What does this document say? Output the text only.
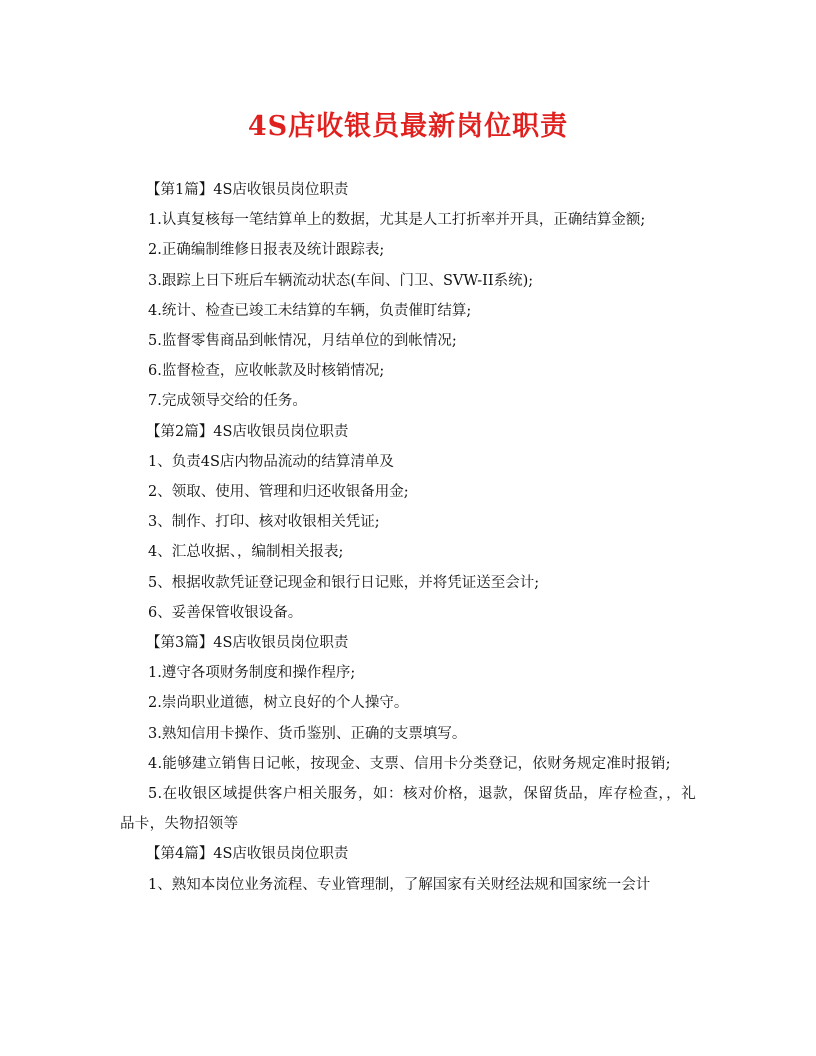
4S店收银员最新岗位职责

【第1篇】4S店收银员岗位职责

1.认真复核每一笔结算单上的数据，尤其是人工打折率并开具，正确结算金额;

2.正确编制维修日报表及统计跟踪表;

3.跟踪上日下班后车辆流动状态(车间、门卫、SVW-II系统);

4.统计、检查已竣工未结算的车辆，负责催盯结算;

5.监督零售商品到帐情况，月结单位的到帐情况;

6.监督检查，应收帐款及时核销情况;

7.完成领导交给的任务。

【第2篇】4S店收银员岗位职责

1、负责4S店内物品流动的结算清单及

2、领取、使用、管理和归还收银备用金;

3、制作、打印、核对收银相关凭证;

4、汇总收据、，编制相关报表;

5、根据收款凭证登记现金和银行日记账，并将凭证送至会计;

6、妥善保管收银设备。

【第3篇】4S店收银员岗位职责

1.遵守各项财务制度和操作程序;

2.崇尚职业道德，树立良好的个人操守。

3.熟知信用卡操作、货币鉴别、正确的支票填写。

4.能够建立销售日记帐，按现金、支票、信用卡分类登记，依财务规定准时报销;

5.在收银区域提供客户相关服务，如：核对价格，退款，保留货品，库存检查，，礼品卡，失物招领等

【第4篇】4S店收银员岗位职责

1、熟知本岗位业务流程、专业管理制，了解国家有关财经法规和国家统一会计
